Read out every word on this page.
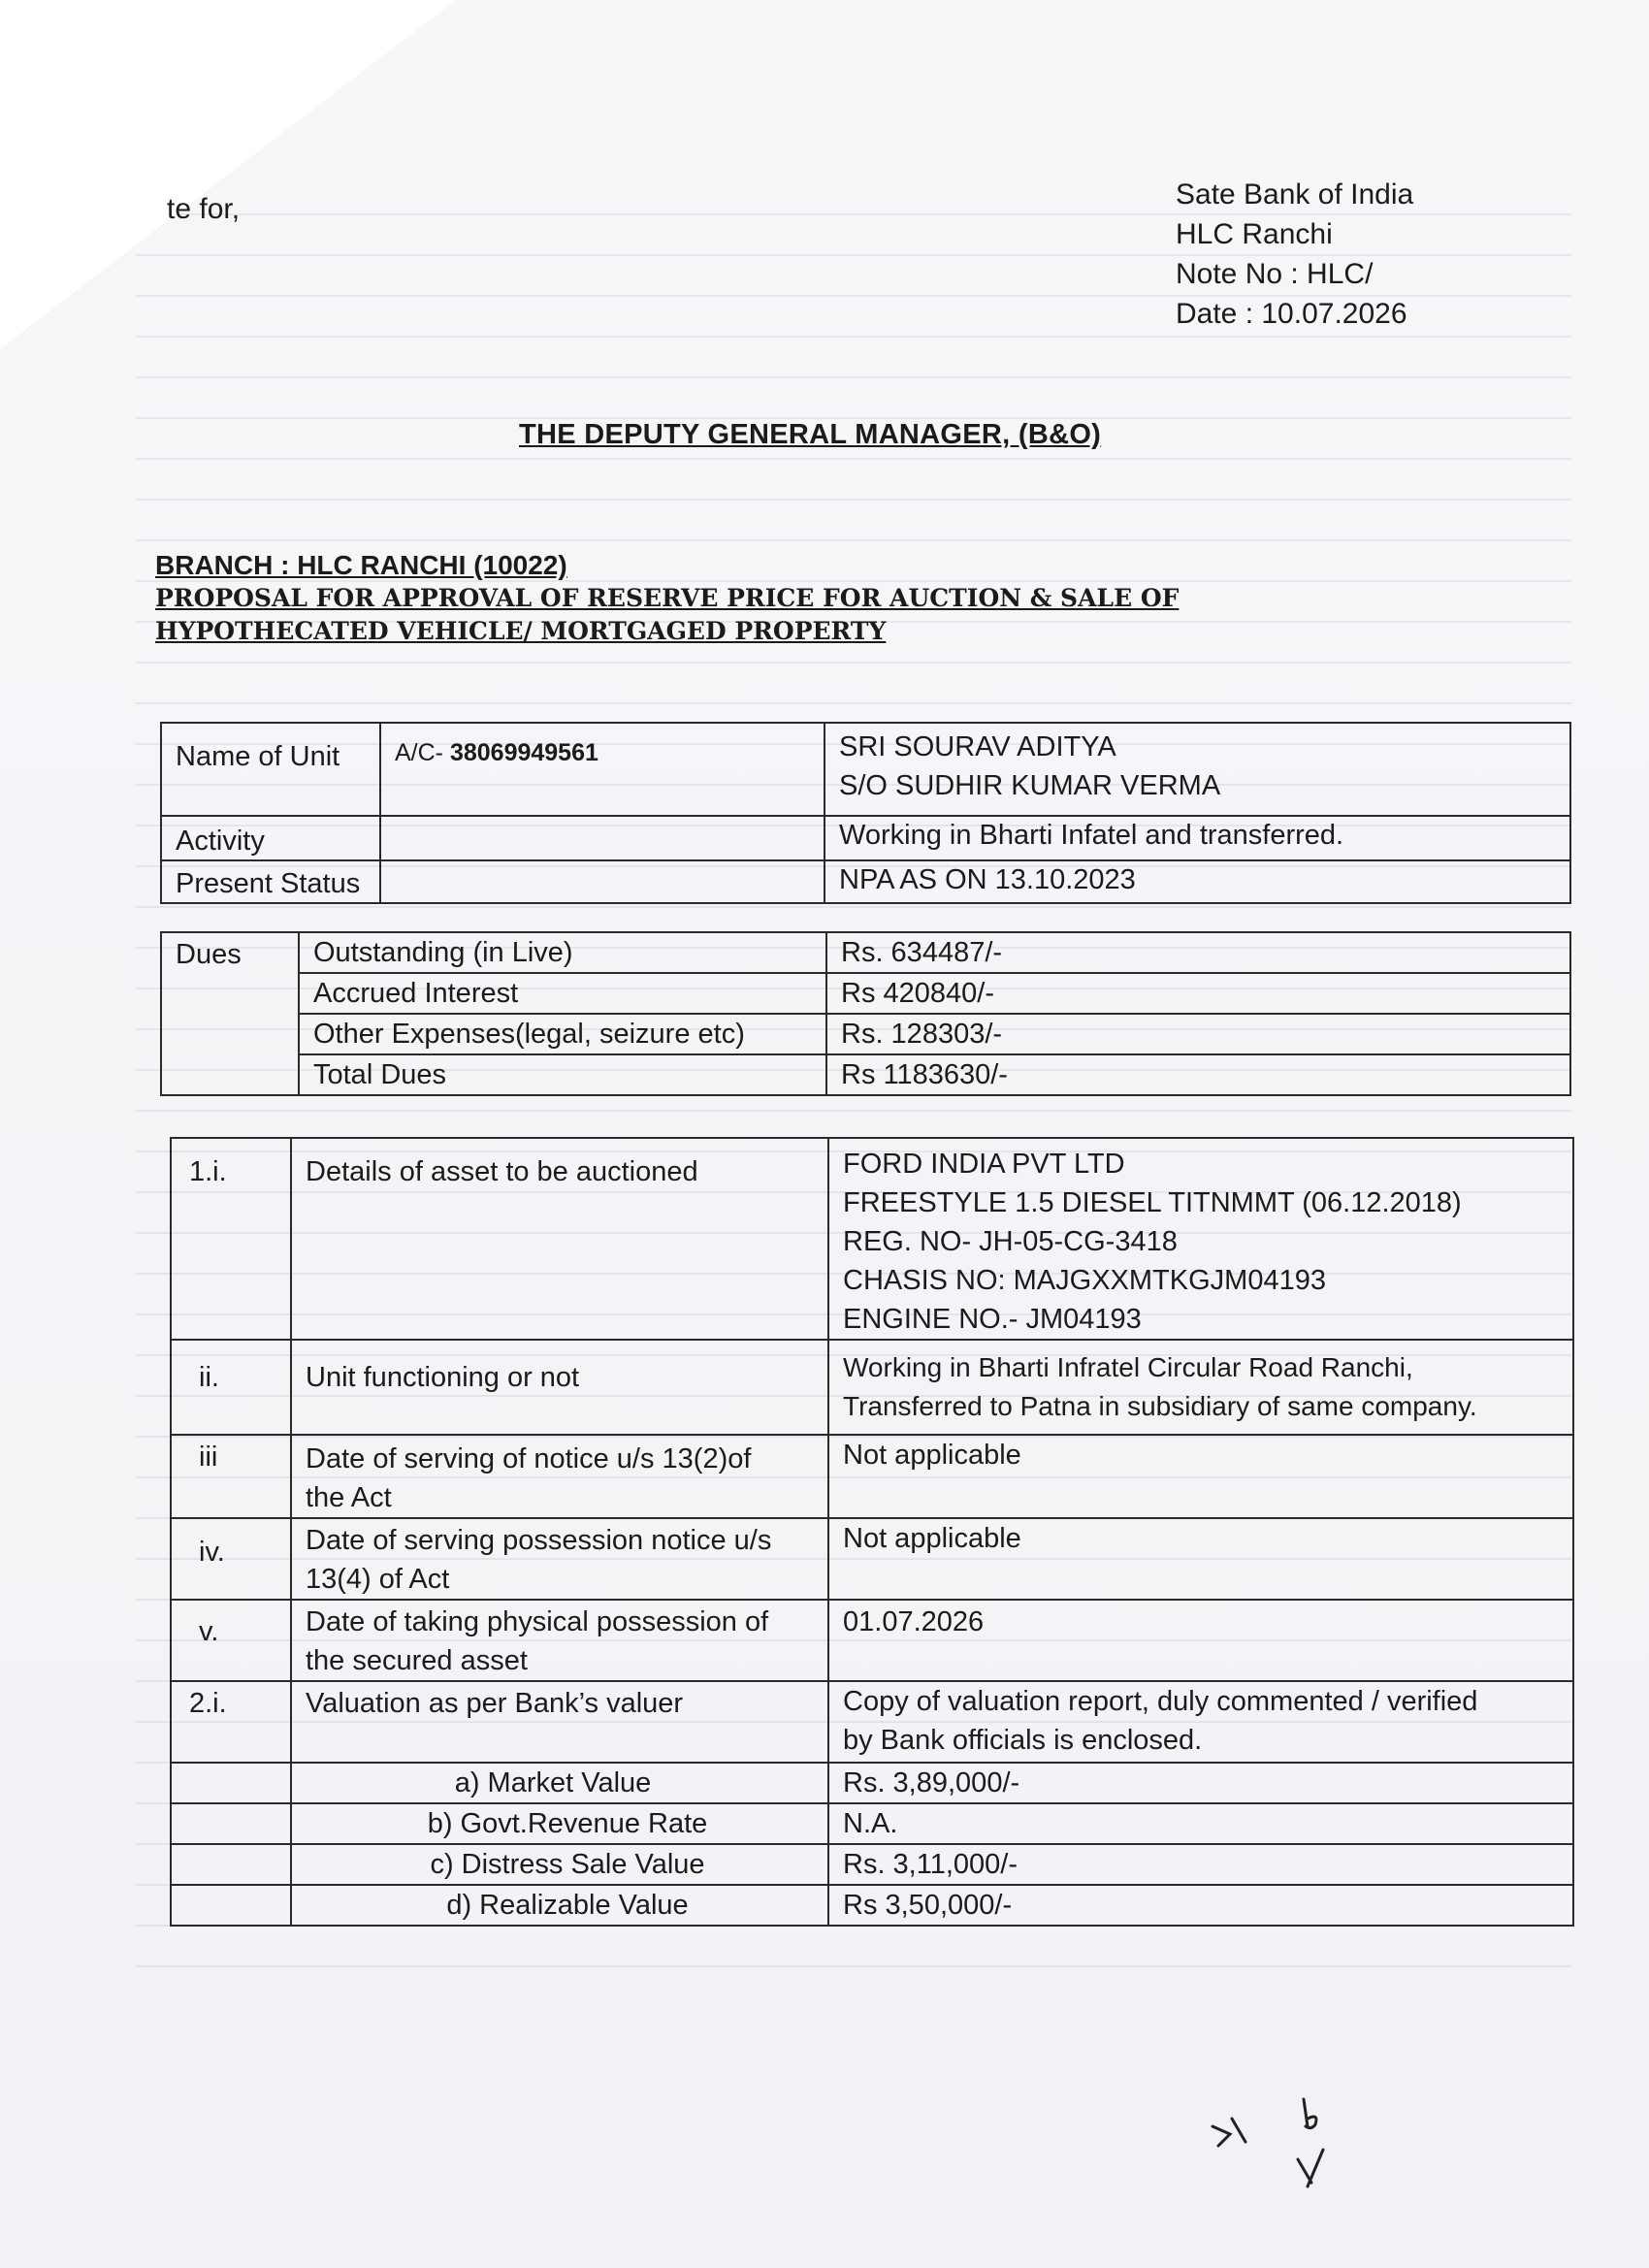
te for,	Sate Bank of India
HLC Ranchi
Note No : HLC/
Date : 10.07.2026
THE DEPUTY GENERAL MANAGER, (B&O)
BRANCH : HLC RANCHI (10022)
PROPOSAL FOR APPROVAL OF RESERVE PRICE FOR AUCTION & SALE OF
HYPOTHECATED VEHICLE/ MORTGAGED PROPERTY
Name of Unit	A/C- 38069949561	SRI SOURAV ADITYA
S/O SUDHIR KUMAR VERMA

Activity		Working in Bharti Infatel and transferred.
Present Status		NPA AS ON 13.10.2023
Dues	Outstanding (in Live)	Rs. 634487/-
	Accrued Interest	Rs 420840/-
	Other Expenses(legal, seizure etc)	Rs. 128303/-
	Total Dues	Rs 1183630/-
1.i.	Details of asset to be auctioned	FORD INDIA PVT LTD
FREESTYLE 1.5 DIESEL TITNMMT (06.12.2018)
REG. NO- JH-05-CG-3418
CHASIS NO: MAJGXXMTKGJM04193
ENGINE NO.- JM04193

ii.	Unit functioning or not	Working in Bharti Infratel Circular Road Ranchi,
Transferred to Patna in subsidiary of same company.

iii	Date of serving of notice u/s 13(2)of
the Act	Not applicable
iv.	Date of serving possession notice u/s
13(4) of Act	Not applicable
v.	Date of taking physical possession of
the secured asset	01.07.2026
2.i.	Valuation as per Bank’s valuer	Copy of valuation report, duly commented / verified
by Bank officials is enclosed.

	a) Market Value	Rs. 3,89,000/-
	b) Govt.Revenue Rate	N.A.
	c) Distress Sale Value	Rs. 3,11,000/-
	d) Realizable Value	Rs 3,50,000/-
